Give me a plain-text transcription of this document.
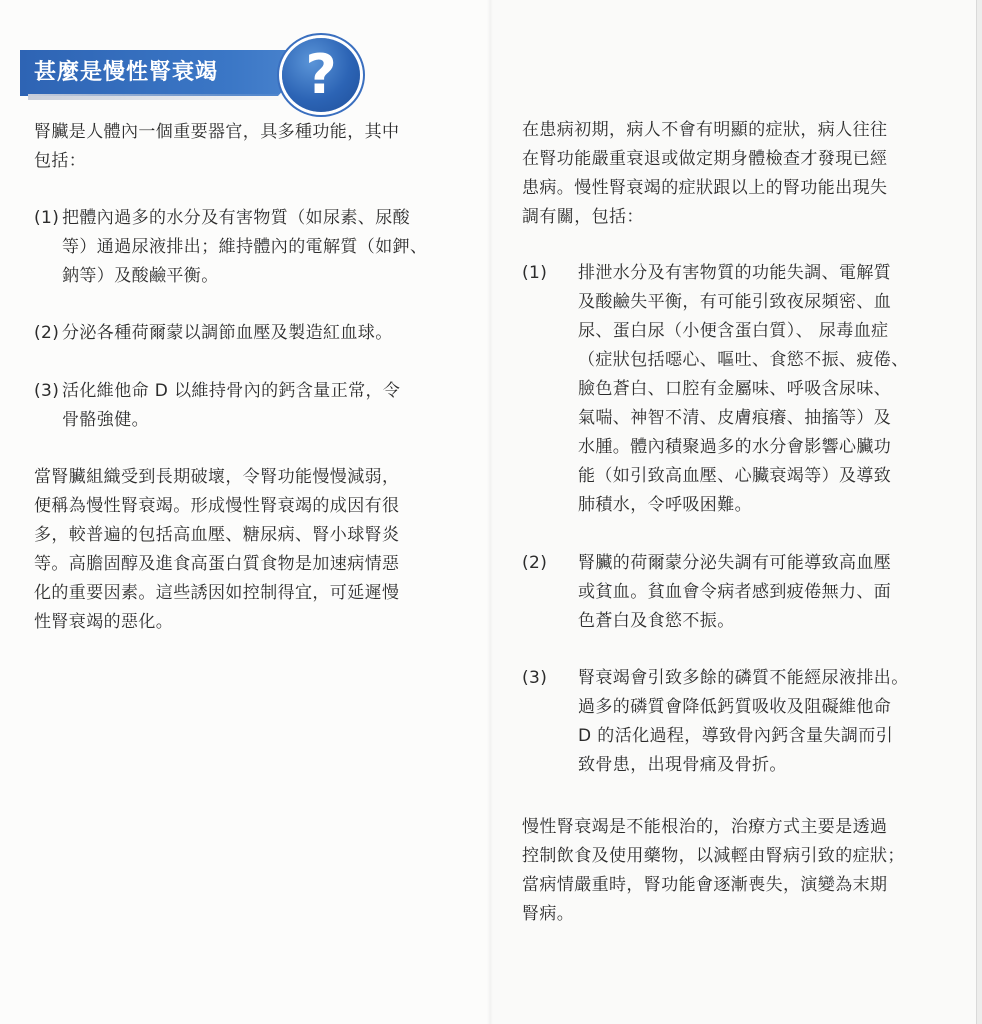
甚麼是慢性腎衰竭	?

腎臟是人體內一個重要器官，具多種功能，其中
包括：

(1) 把體內過多的水分及有害物質（如尿素、尿酸
等）通過尿液排出；維持體內的電解質（如鉀、
鈉等）及酸鹼平衡。

(2) 分泌各種荷爾蒙以調節血壓及製造紅血球。

(3) 活化維他命 D 以維持骨內的鈣含量正常，令
骨骼強健。

當腎臟組織受到長期破壞，令腎功能慢慢減弱，
便稱為慢性腎衰竭。形成慢性腎衰竭的成因有很
多，較普遍的包括高血壓、糖尿病、腎小球腎炎
等。高膽固醇及進食高蛋白質食物是加速病情惡
化的重要因素。這些誘因如控制得宜，可延遲慢
性腎衰竭的惡化。

在患病初期，病人不會有明顯的症狀，病人往往
在腎功能嚴重衰退或做定期身體檢查才發現已經
患病。慢性腎衰竭的症狀跟以上的腎功能出現失
調有關，包括：

(1)	排泄水分及有害物質的功能失調、電解質
及酸鹼失平衡，有可能引致夜尿頻密、血
尿、蛋白尿（小便含蛋白質）、 尿毒血症
（症狀包括噁心、嘔吐、食慾不振、疲倦、
臉色蒼白、口腔有金屬味、呼吸含尿味、
氣喘、神智不清、皮膚痕癢、抽搐等）及
水腫。體內積聚過多的水分會影響心臟功
能（如引致高血壓、心臟衰竭等）及導致
肺積水，令呼吸困難。

(2)	腎臟的荷爾蒙分泌失調有可能導致高血壓
或貧血。貧血會令病者感到疲倦無力、面
色蒼白及食慾不振。

(3)	腎衰竭會引致多餘的磷質不能經尿液排出。
過多的磷質會降低鈣質吸收及阻礙維他命
D 的活化過程，導致骨內鈣含量失調而引
致骨患，出現骨痛及骨折。

慢性腎衰竭是不能根治的，治療方式主要是透過
控制飲食及使用藥物，以減輕由腎病引致的症狀；
當病情嚴重時，腎功能會逐漸喪失，演變為末期
腎病。
